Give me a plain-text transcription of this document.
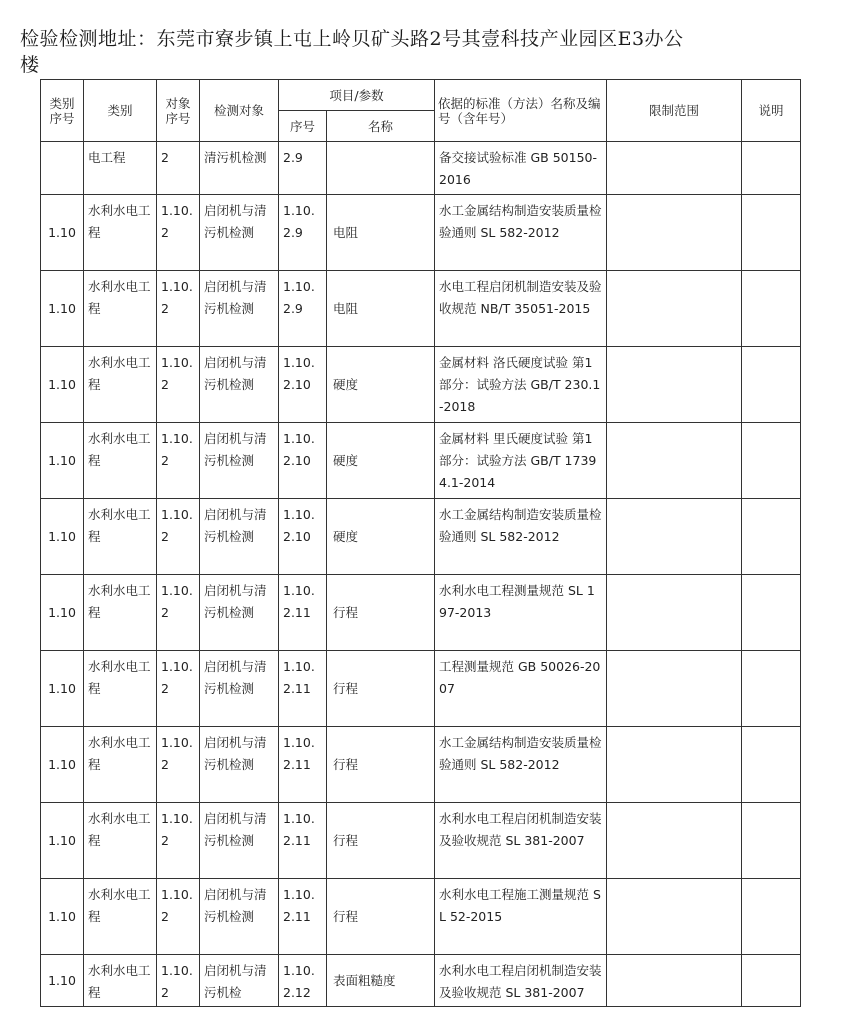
检验检测地址：东莞市寮步镇上屯上岭贝矿头路2号其壹科技产业园区E3办公
楼
类别序号	类别	对象序号	检测对象	项目/参数		依据的标准（方法）名称及编号（含年号）	限制范围	说明
				序号	名称			
	电工程	2	清污机检测	2.9		备交接试验标准 GB 50150-2016		
1.10	水利水电工程	1.10.2	启闭机与清污机检测	1.10.2.9	电阻	水工金属结构制造安装质量检验通则 SL 582-2012		
1.10	水利水电工程	1.10.2	启闭机与清污机检测	1.10.2.9	电阻	水电工程启闭机制造安装及验收规范 NB/T 35051-2015		
1.10	水利水电工程	1.10.2	启闭机与清污机检测	1.10.2.10	硬度	金属材料 洛氏硬度试验 第1部分：试验方法 GB/T 230.1-2018		
1.10	水利水电工程	1.10.2	启闭机与清污机检测	1.10.2.10	硬度	金属材料 里氏硬度试验 第1部分：试验方法 GB/T 17394.1-2014		
1.10	水利水电工程	1.10.2	启闭机与清污机检测	1.10.2.10	硬度	水工金属结构制造安装质量检验通则 SL 582-2012		
1.10	水利水电工程	1.10.2	启闭机与清污机检测	1.10.2.11	行程	水利水电工程测量规范 SL 197-2013		
1.10	水利水电工程	1.10.2	启闭机与清污机检测	1.10.2.11	行程	工程测量规范 GB 50026-2007		
1.10	水利水电工程	1.10.2	启闭机与清污机检测	1.10.2.11	行程	水工金属结构制造安装质量检验通则 SL 582-2012		
1.10	水利水电工程	1.10.2	启闭机与清污机检测	1.10.2.11	行程	水利水电工程启闭机制造安装及验收规范 SL 381-2007		
1.10	水利水电工程	1.10.2	启闭机与清污机检测	1.10.2.11	行程	水利水电工程施工测量规范 SL 52-2015		
1.10	水利水电工程	1.10.2	启闭机与清污机检	1.10.2.12	表面粗糙度	水利水电工程启闭机制造安装及验收规范 SL 381-2007		
